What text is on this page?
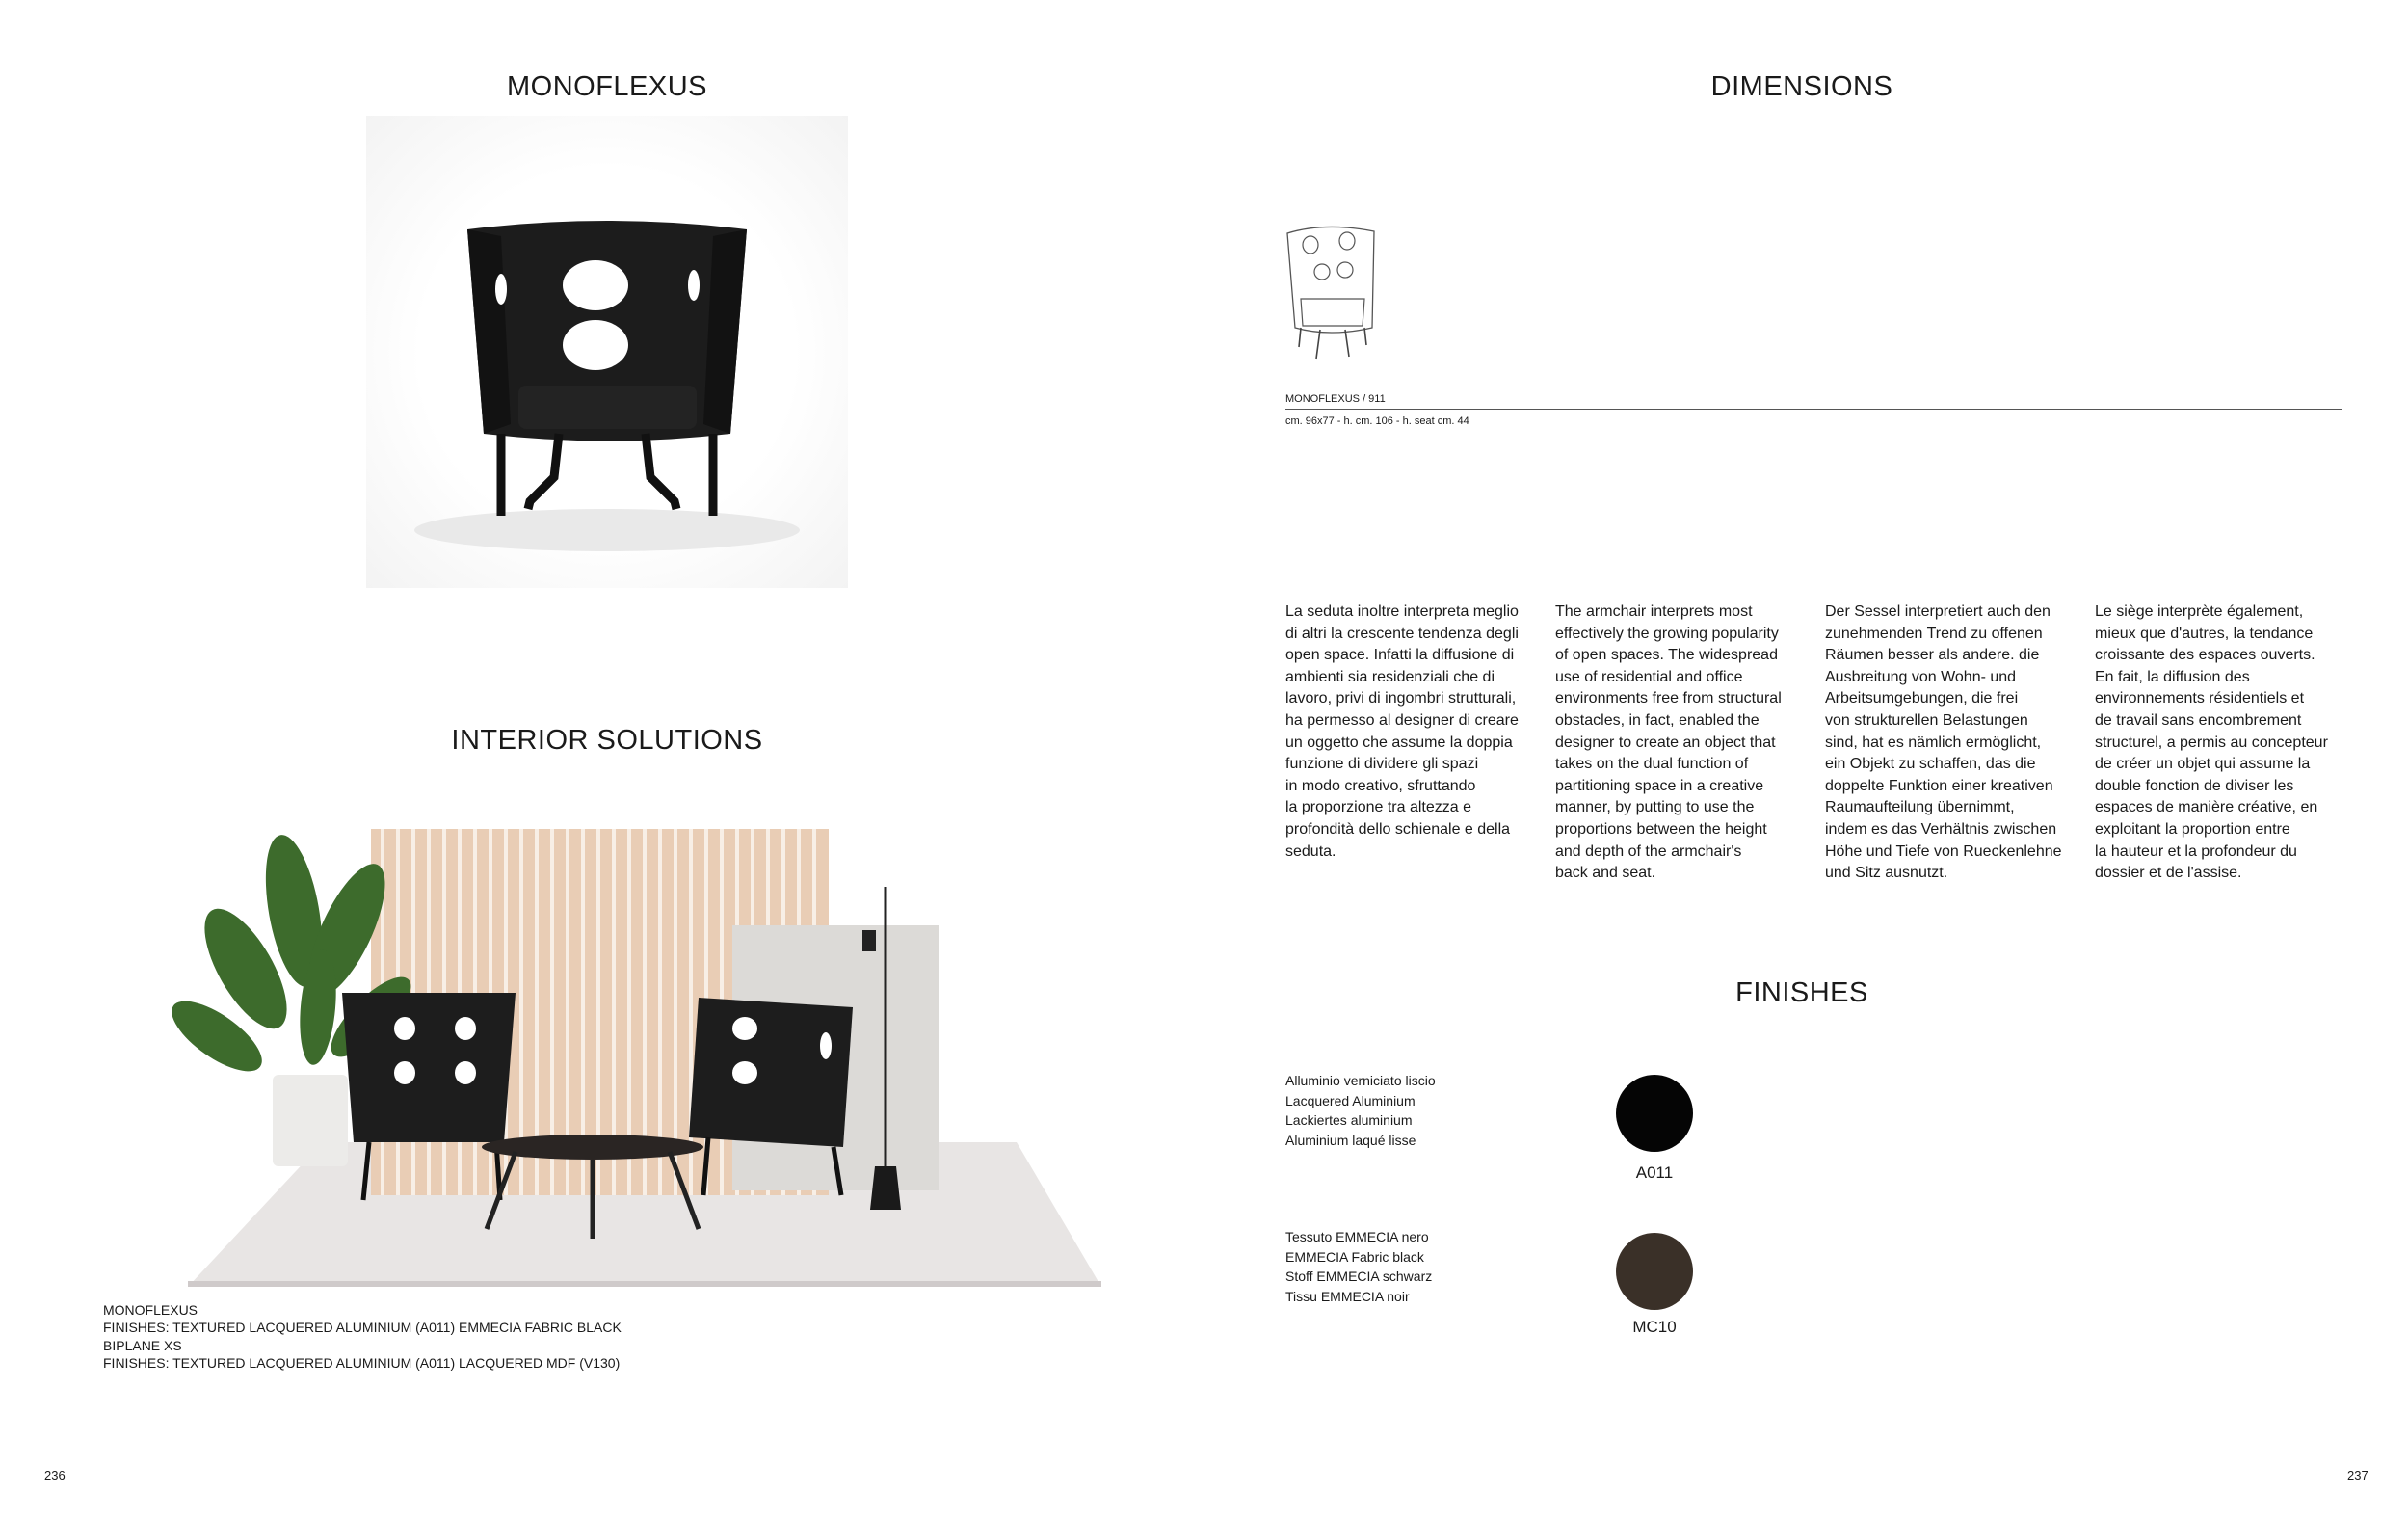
MONOFLEXUS
INTERIOR SOLUTIONS
MONOFLEXUS
FINISHES: TEXTURED LACQUERED ALUMINIUM (A011) EMMECIA FABRIC BLACK
BIPLANE XS
FINISHES: TEXTURED LACQUERED ALUMINIUM (A011) LACQUERED MDF (V130)
236
DIMENSIONS
MONOFLEXUS / 911
cm. 96x77 - h. cm. 106 - h. seat cm. 44
La seduta inoltre interpreta meglio
di altri la crescente tendenza degli
open space. Infatti la diffusione di
ambienti sia residenziali che di
lavoro, privi di ingombri strutturali,
ha permesso al designer di creare
un oggetto che assume la doppia
funzione di dividere gli spazi
in modo creativo, sfruttando
la proporzione tra altezza e
profondità dello schienale e della
seduta.
The armchair interprets most
effectively the growing popularity
of open spaces. The widespread
use of residential and office
environments free from structural
obstacles, in fact, enabled the
designer to create an object that
takes on the dual function of
partitioning space in a creative
manner, by putting to use the
proportions between the height
and depth of the armchair's
back and seat.
Der Sessel interpretiert auch den
zunehmenden Trend zu offenen
Räumen besser als andere. die
Ausbreitung von Wohn- und
Arbeitsumgebungen, die frei
von strukturellen Belastungen
sind, hat es nämlich ermöglicht,
ein Objekt zu schaffen, das die
doppelte Funktion einer kreativen
Raumaufteilung übernimmt,
indem es das Verhältnis zwischen
Höhe und Tiefe von Rueckenlehne
und Sitz ausnutzt.
Le siège interprète également,
mieux que d'autres, la tendance
croissante des espaces ouverts.
En fait, la diffusion des
environnements résidentiels et
de travail sans encombrement
structurel, a permis au concepteur
de créer un objet qui assume la
double fonction de diviser les
espaces de manière créative, en
exploitant la proportion entre
la hauteur et la profondeur du
dossier et de l'assise.
FINISHES
Alluminio verniciato liscio
Lacquered Aluminium
Lackiertes aluminium
Aluminium laqué lisse
A011
Tessuto EMMECIA nero
EMMECIA Fabric black
Stoff EMMECIA schwarz
Tissu EMMECIA noir
MC10
237
